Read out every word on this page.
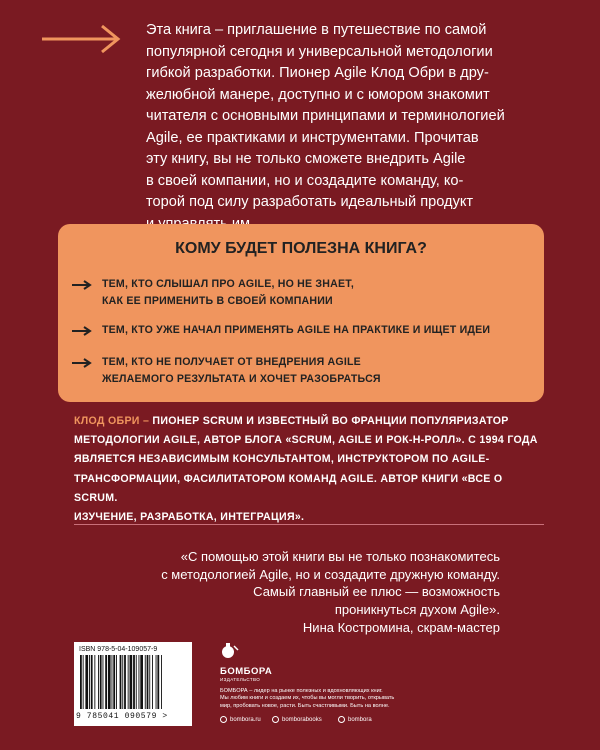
Эта книга – приглашение в путешествие по самой

популярной сегодня и универсальной методологии

гибкой разработки. Пионер Agile Клод Обри в дру-

желюбной манере, доступно и с юмором знакомит

читателя с основными принципами и терминологией

Agile, ее практиками и инструментами. Прочитав

эту книгу, вы не только сможете внедрить Agile

в своей компании, но и создадите команду, ко-

торой под силу разработать идеальный продукт

КОМУ БУДЕТ ПОЛЕЗНА КНИГА?
ТЕМ, КТО СЛЫШАЛ ПРО AGILE, НО НЕ ЗНАЕТ,
КАК ЕЕ ПРИМЕНИТЬ В СВОЕЙ КОМПАНИИ
ТЕМ, КТО УЖЕ НАЧАЛ ПРИМЕНЯТЬ AGILE НА ПРАКТИКЕ И ИЩЕТ ИДЕИ
ТЕМ, КТО НЕ ПОЛУЧАЕТ ОТ ВНЕДРЕНИЯ AGILE
ЖЕЛАЕМОГО РЕЗУЛЬТАТА И ХОЧЕТ РАЗОБРАТЬСЯ
КЛОД ОБРИ – ПИОНЕР SCRUM И ИЗВЕСТНЫЙ ВО ФРАНЦИИ ПОПУЛЯРИЗАТОР
МЕТОДОЛОГИИ AGILE, АВТОР БЛОГА «SCRUM, AGILE И РОК-Н-РОЛЛ». С 1994 ГОДА
ЯВЛЯЕТСЯ НЕЗАВИСИМЫМ КОНСУЛЬТАНТОМ, ИНСТРУКТОРОМ ПО AGILE-
ТРАНСФОРМАЦИИ, ФАСИЛИТАТОРОМ КОМАНД AGILE. АВТОР КНИГИ «ВСЕ О SCRUM.
ИЗУЧЕНИЕ, РАЗРАБОТКА, ИНТЕГРАЦИЯ».
«С помощью этой книги вы не только познакомитесь
с методологией Agile, но и создадите дружную команду.
Самый главный ее плюс — возможность
проникнуться духом Agile».
Нина Костромина, скрам-мастер
ISBN 978-5-04-109057-9
9 785041 090579 >
БОМБОРА
ИЗДАТЕЛЬСТВО
БОМБОРА – лидер на рынке полезных и вдохновляющих книг.
Мы любим книги и создаем их, чтобы вы могли творить, открывать
мир, пробовать новое, расти. Быть счастливыми. Быть на волне.
bombora.ru	bomborabooks	bombora
